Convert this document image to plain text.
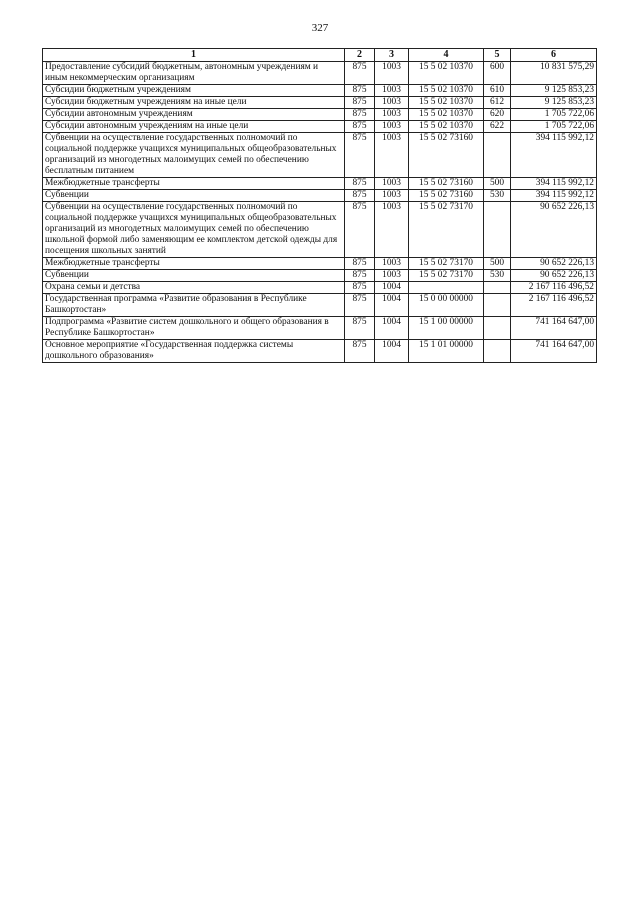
327
1	2	3	4	5	6
Предоставление субсидий бюджетным, автономным учреждениям и иным некоммерческим организациям	875	1003	15 5 02 10370	600	10 831 575,29
Субсидии бюджетным учреждениям	875	1003	15 5 02 10370	610	9 125 853,23
Субсидии бюджетным учреждениям на иные цели	875	1003	15 5 02 10370	612	9 125 853,23
Субсидии автономным учреждениям	875	1003	15 5 02 10370	620	1 705 722,06
Субсидии автономным учреждениям на иные цели	875	1003	15 5 02 10370	622	1 705 722,06
Субвенции на осуществление государственных полномочий по социальной поддержке учащихся муниципальных общеобразовательных организаций из многодетных малоимущих семей по обеспечению бесплатным питанием	875	1003	15 5 02 73160		394 115 992,12
Межбюджетные трансферты	875	1003	15 5 02 73160	500	394 115 992,12
Субвенции	875	1003	15 5 02 73160	530	394 115 992,12
Субвенции на осуществление государственных полномочий по социальной поддержке учащихся муниципальных общеобразовательных организаций из многодетных малоимущих семей по обеспечению школьной формой либо заменяющим ее комплектом детской одежды для посещения школьных занятий	875	1003	15 5 02 73170		90 652 226,13
Межбюджетные трансферты	875	1003	15 5 02 73170	500	90 652 226,13
Субвенции	875	1003	15 5 02 73170	530	90 652 226,13
Охрана семьи и детства	875	1004			2 167 116 496,52
Государственная программа «Развитие образования в Республике Башкортостан»	875	1004	15 0 00 00000		2 167 116 496,52
Подпрограмма «Развитие систем дошкольного и общего образования в Республике Башкортостан»	875	1004	15 1 00 00000		741 164 647,00
Основное мероприятие «Государственная поддержка системы дошкольного образования»	875	1004	15 1 01 00000		741 164 647,00
